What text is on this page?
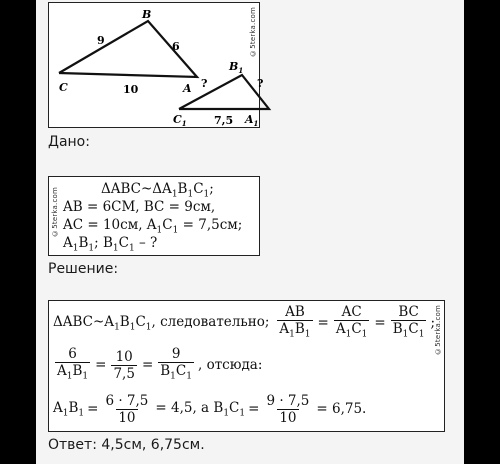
B
C	A
9	6
10
$B_1$
?	?
$C_1$ 7,5 $A_1$
©5terka.com
Дано:
©5terka.com	$\Delta ABC\sim\Delta A_1B_1C_1$;
AB = 6СМ, BC = 9см,
AC = 10см, $A_1C_1 = 7,5см$;
$A_1B_1$; $B_1C_1$ – ?
Решение:
©5terka.com
$\Delta ABC\sim A_1B_1C_1$, следовательно; $\frac{AB}{A_1B_1} = \frac{AC}{A_1C_1} = \frac{BC}{B_1C_1}$ ;
$\frac{6}{A_1B_1} = \frac{10}{7,5} = \frac{9}{B_1C_1}$ , отсюда:
$A_1B_1 = \frac{6 \cdot 7,5}{10} = 4,5$, а $B_1C_1 = \frac{9 \cdot 7,5}{10} = 6,75$.
Ответ: 4,5см, 6,75см.
